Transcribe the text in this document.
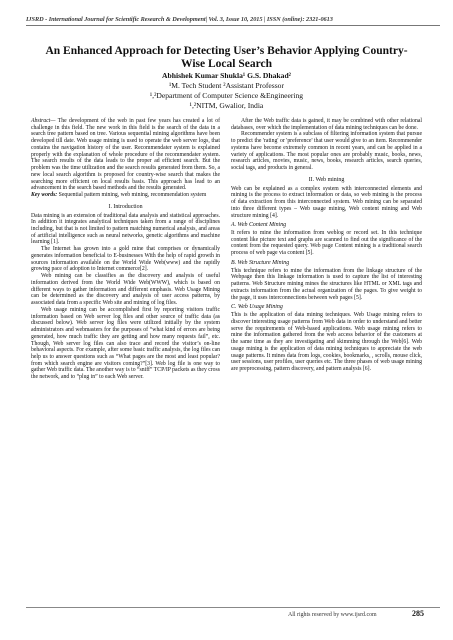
IJSRD - International Journal for Scientific Research & Development| Vol. 3, Issue 10, 2015 | ISSN (online): 2321-0613
An Enhanced Approach for Detecting User’s Behavior Applying Country-Wise Local Search
Abhishek Kumar Shukla¹ G.S. Dhakad²
¹M. Tech Student ²Assistant Professor
¹,²Department of Computer Science &Engineering
¹,²NITM, Gwalior, India

Abstract— The development of the web in past few years has created a lot of challenge in this field. The new work in this field is the search of the data in a search tree pattern based on tree. Various sequential mining algorithms have been developed till date. Web usage mining is used to operate the web server logs, that contains the navigation history of the user. Recommendater system is explained properly with the explanation of whole procedure of the recommendater system. The search results of the data leads to the proper ad efficient search. But the problem was the time utilization and the search results generated from them. So, a new local search algorithm is proposed for country-wise search that makes the searching more efficient on local results basis. This approach has lead to an advancement in the search based methods and the results generated.

Key words: Sequential pattern mining, web mining, recommendation system

I. Introduction

Data mining is an extension of traditional data analysis and statistical approaches. In addition it integrates analytical techniques taken from a range of disciplines including, but that is not limited to pattern matching numerical analysis, and areas of artificial intelligence such as neural networks, genetic algorithms and machine learning [1].

The Internet has grown into a gold mine that comprises or dynamically generates information beneficial to E-businesses With the help of rapid growth in sources information available on the World Wide Web(www) and the rapidly growing pace of adoption to Internet commerce[2].

Web mining can be classifies as the discovery and analysis of useful information derived from the World Wide Web(WWW), which is based on different ways to gather information and different emphasis. Web Usage Mining can be determined as the discovery and analysis of user access patterns, by associated data from a specific Web site and mining of log files.

Web usage mining can be accomplished first by reporting visitors traffic information based on Web server log files and other source of traffic data (as discussed below). Web server log files were utilized initially by the system administrators and webmasters for the purposes of “what kind of errors are being generated, how much traffic they are getting and how many requests fail”, etc. Though, Web server log files can also trace and record the visitor’s on-line behavioral aspects. For example, after some basic traffic analysis, the log files can help us to answer questions such as “What pages are the most and least popular? from which search engine are visitors coming?”[3]. Web log file is one way to gather Web traffic data. The another way is to “sniff” TCP/IP packets as they cross the network, and to “plug in” to each Web server.

After the Web traffic data is gained, it may be combined with other relational databases, over which the implementation of data mining techniques can be done.

Recommender system is a subclass of filtering information system that pursue to predict the 'rating' or 'preference' that user would give to an item. Recommender systems have become extremely common in recent years, and can be applied in a variety of applications. The most popular ones are probably music, books, news, research articles, movies, music, news, books, research articles, search queries, social tags, and products in general.

II. Web mining

Web can be explained as a complex system with interconnected elements and mining is the process to extract information or data, so web mining is the process of data extraction from this interconnected system. Web mining can be separated into three different types – Web usage mining, Web content mining and Web structure mining [4].

A. Web Content Mining

It refers to mine the information from weblog or record set. In this technique content like picture text and graphs are scanned to find out the significance of the content from the requested query. Web page Content mining is a traditional search process of web page via content [5].

B. Web Structure Mining

This technique refers to mine the information from the linkage structure of the Webpage then this linkage information is used to capture the list of interesting patterns. Web Structure mining mines the structures like HTML or XML tags and extracts information from the actual organization of the pages. To give weight to the page, it uses interconnections between web pages [5].

C. Web Usage Mining

This is the application of data mining techniques. Web Usage mining refers to discover interesting usage patterns from Web data in order to understand and better serve the requirements of Web-based applications. Web usage mining refers to mine the information gathered from the web access behavior of the customers at the same time as they are investigating and skimming through the Web[6]. Web usage mining is the application of data mining techniques to appreciate the web usage patterns. It mines data from logs, cookies, bookmarks, , scrolls, mouse click, user sessions, user profiles, user queries etc. The three phases of web usage mining are preprocessing, pattern discovery, and pattern analysis [6].

All rights reserved by www.ijsrd.com	285
